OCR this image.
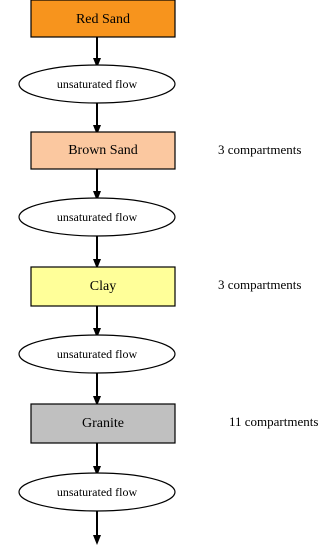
Red Sand
unsaturated flow
Brown Sand	3 compartments
unsaturated flow
Clay	3 compartments
unsaturated flow
Granite	11 compartments
unsaturated flow
